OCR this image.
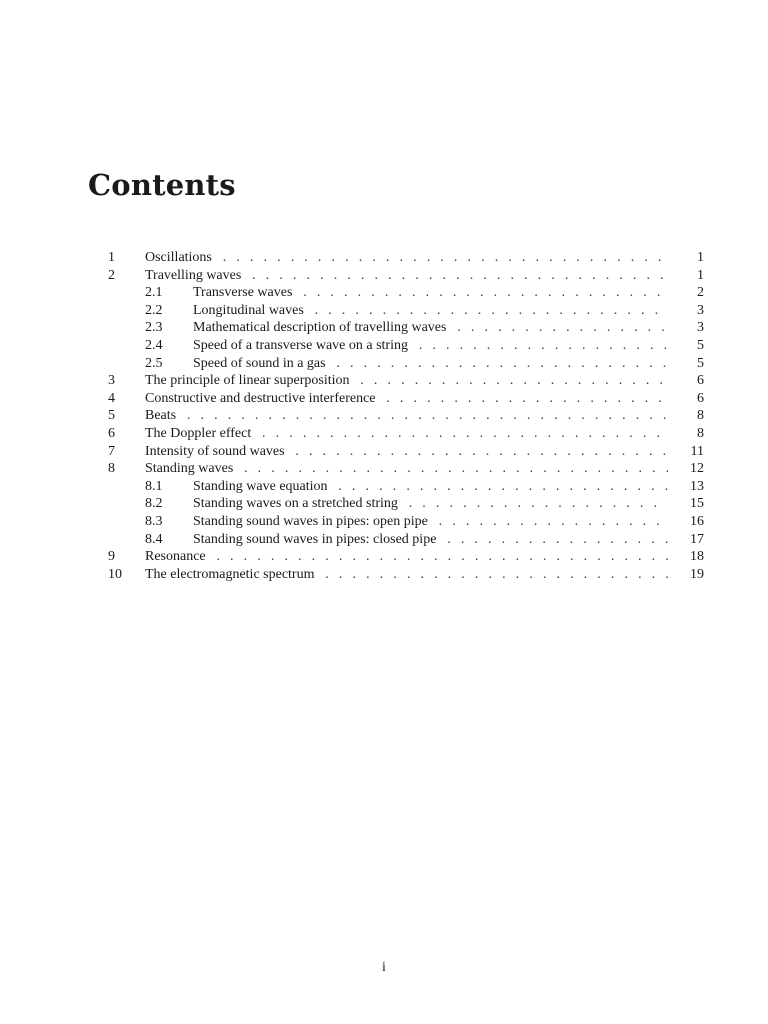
Contents
1 Oscillations . . .	1
2 Travelling waves . . .	1
2.1 Transverse waves . . .	2
2.2 Longitudinal waves . . .	3
2.3 Mathematical description of travelling waves . . .	3
2.4 Speed of a transverse wave on a string . . .	5
2.5 Speed of sound in a gas . . .	5
3 The principle of linear superposition . . .	6
4 Constructive and destructive interference . . .	6
5 Beats . . .	8
6 The Doppler effect . . .	8
7 Intensity of sound waves . . .	11
8 Standing waves . . .	12
8.1 Standing wave equation . . .	13
8.2 Standing waves on a stretched string . . .	15
8.3 Standing sound waves in pipes: open pipe . . .	16
8.4 Standing sound waves in pipes: closed pipe . . .	17
9 Resonance . . .	18
10 The electromagnetic spectrum . . .	19
i
